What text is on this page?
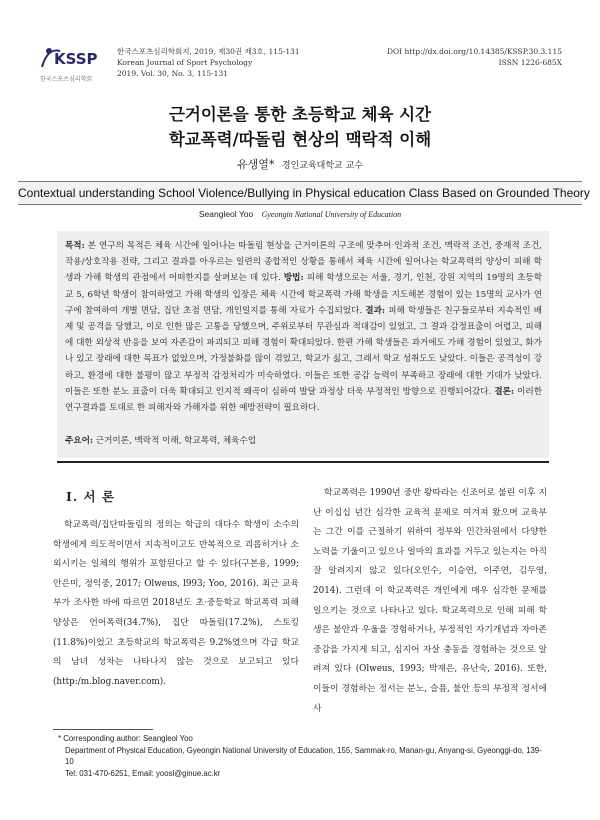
KSSP
한국스포츠심리학회
한국스포츠심리학회지, 2019, 제30권 제3호, 115-131
Korean Journal of Sport Psychology
2019. Vol. 30, No. 3, 115-131
DOI http://dx.doi.org/10.14385/KSSP.30.3.115
ISSN 1226-685X
근거이론을 통한 초등학교 체육 시간
학교폭력/따돌림 현상의 맥락적 이해
유생열* 경인교육대학교 교수
Contextual understanding School Violence/Bullying in Physical education Class Based on Grounded Theory
Seangleol Yoo Gyeongin National University of Education
목적: 본 연구의 목적은 체육 시간에 일어나는 따돌림 현상을 근거이론의 구조에 맞추어 인과적 조건, 맥락적 조건, 중재적 조건, 작용/상호작용 전략, 그리고 결과를 아우르는 일련의 종합적인 상황을 통해서 체육 시간에 일어나는 학교폭력의 양상이 피해 학생과 가해 학생의 관점에서 어떠한지를 살펴보는 데 있다. 방법: 피해 학생으로는 서울, 경기, 인천, 강원 지역의 19명의 초등학교 5, 6학년 학생이 참여하였고 가해 학생의 입장은 체육 시간에 학교폭력 가해 학생을 지도해본 경험이 있는 15명의 교사가 연구에 참여하여 개별 면담, 집단 초점 면담, 개인일지를 통해 자료가 수집되었다. 결과: 피해 학생들은 친구들로부터 지속적인 배제 및 공격을 당했고, 이로 인한 많은 고통을 당했으며, 주위로부터 무관심과 적대감이 있었고, 그 결과 감정표출이 어렵고, 피해에 대한 외상적 반응을 보여 자존감이 파괴되고 피해 경험이 확대되었다. 한편 가해 학생들은 과거에도 가해 경험이 있었고, 화가 나 있고 장래에 대한 목표가 없었으며, 가정불화를 많이 겪었고, 학교가 싫고, 그래서 학교 성취도도 낮았다. 이들은 공격성이 강하고, 환경에 대한 불평이 많고 부정적 감정처리가 미숙하였다. 이들은 또한 공감 능력이 부족하고 장래에 대한 기대가 낮았다. 이들은 또한 분노 표출이 더욱 확대되고 인지적 왜곡이 심하여 발달 과정상 더욱 부정적인 방향으로 진행되어갔다. 결론: 이러한 연구결과를 토대로 한 피해자와 가해자를 위한 예방전략이 필요하다.
주요어: 근거이론, 맥락적 이해, 학교폭력, 체육수업
I. 서 론
학교폭력/집단따돌림의 정의는 학급의 대다수 학생이 소수의 학생에게 의도적이면서 지속적이고도 반복적으로 괴롭히거나 소외시키는 일체의 행위가 포함된다고 할 수 있다(구본용, 1999; 안은미, 정익중, 2017; Olweus, l993; Yoo, 2016). 최근 교육부가 조사한 바에 따르면 2018년도 초·중등학교 학교폭력 피해 양상은 언어폭력(34.7%), 집단 따돌림(17.2%), 스토킹(11.8%)이었고 초등학교의 학교폭력은 9.2%였으며 각급 학교의 남녀 성차는 나타나지 않는 것으로 보고되고 있다 (http:/m.blog.naver.com).
학교폭력은 1990년 중반 왕따라는 신조어로 불린 이후 지난 이십십 년간 심각한 교육적 문제로 여겨져 왔으며 교육부는 그간 이를 근절하기 위하여 정부와 민간차원에서 다양한 노력을 기울이고 있으나 얼마의 효과를 거두고 있는지는 아직 잘 알려지지 않고 있다(오인수, 이승연, 이주연, 김두영, 2014). 그런데 이 학교폭력은 개인에게 매우 심각한 문제를 일으키는 것으로 나타나고 있다. 학교폭력으로 인해 피해 학생은 불안과 우울을 경험하거나, 부정적인 자기개념과 자아존중감을 가지게 되고, 심지어 자살 충동을 경험하는 것으로 알려져 있다 (Olweus, 1993; 박재은, 유난숙, 2016). 또한, 이들이 경험하는 정서는 분노, 슬픔, 불안 등의 부정적 정서에 사
* Corresponding author: Seangleol Yoo
Department of Physical Education, Gyeongin National University of Education, 155, Sammak-ro, Manan-gu, Anyang-si, Gyeonggi-do, 139-10
Tel: 031-470-6251, Email: yoosl@ginue.ac.kr
